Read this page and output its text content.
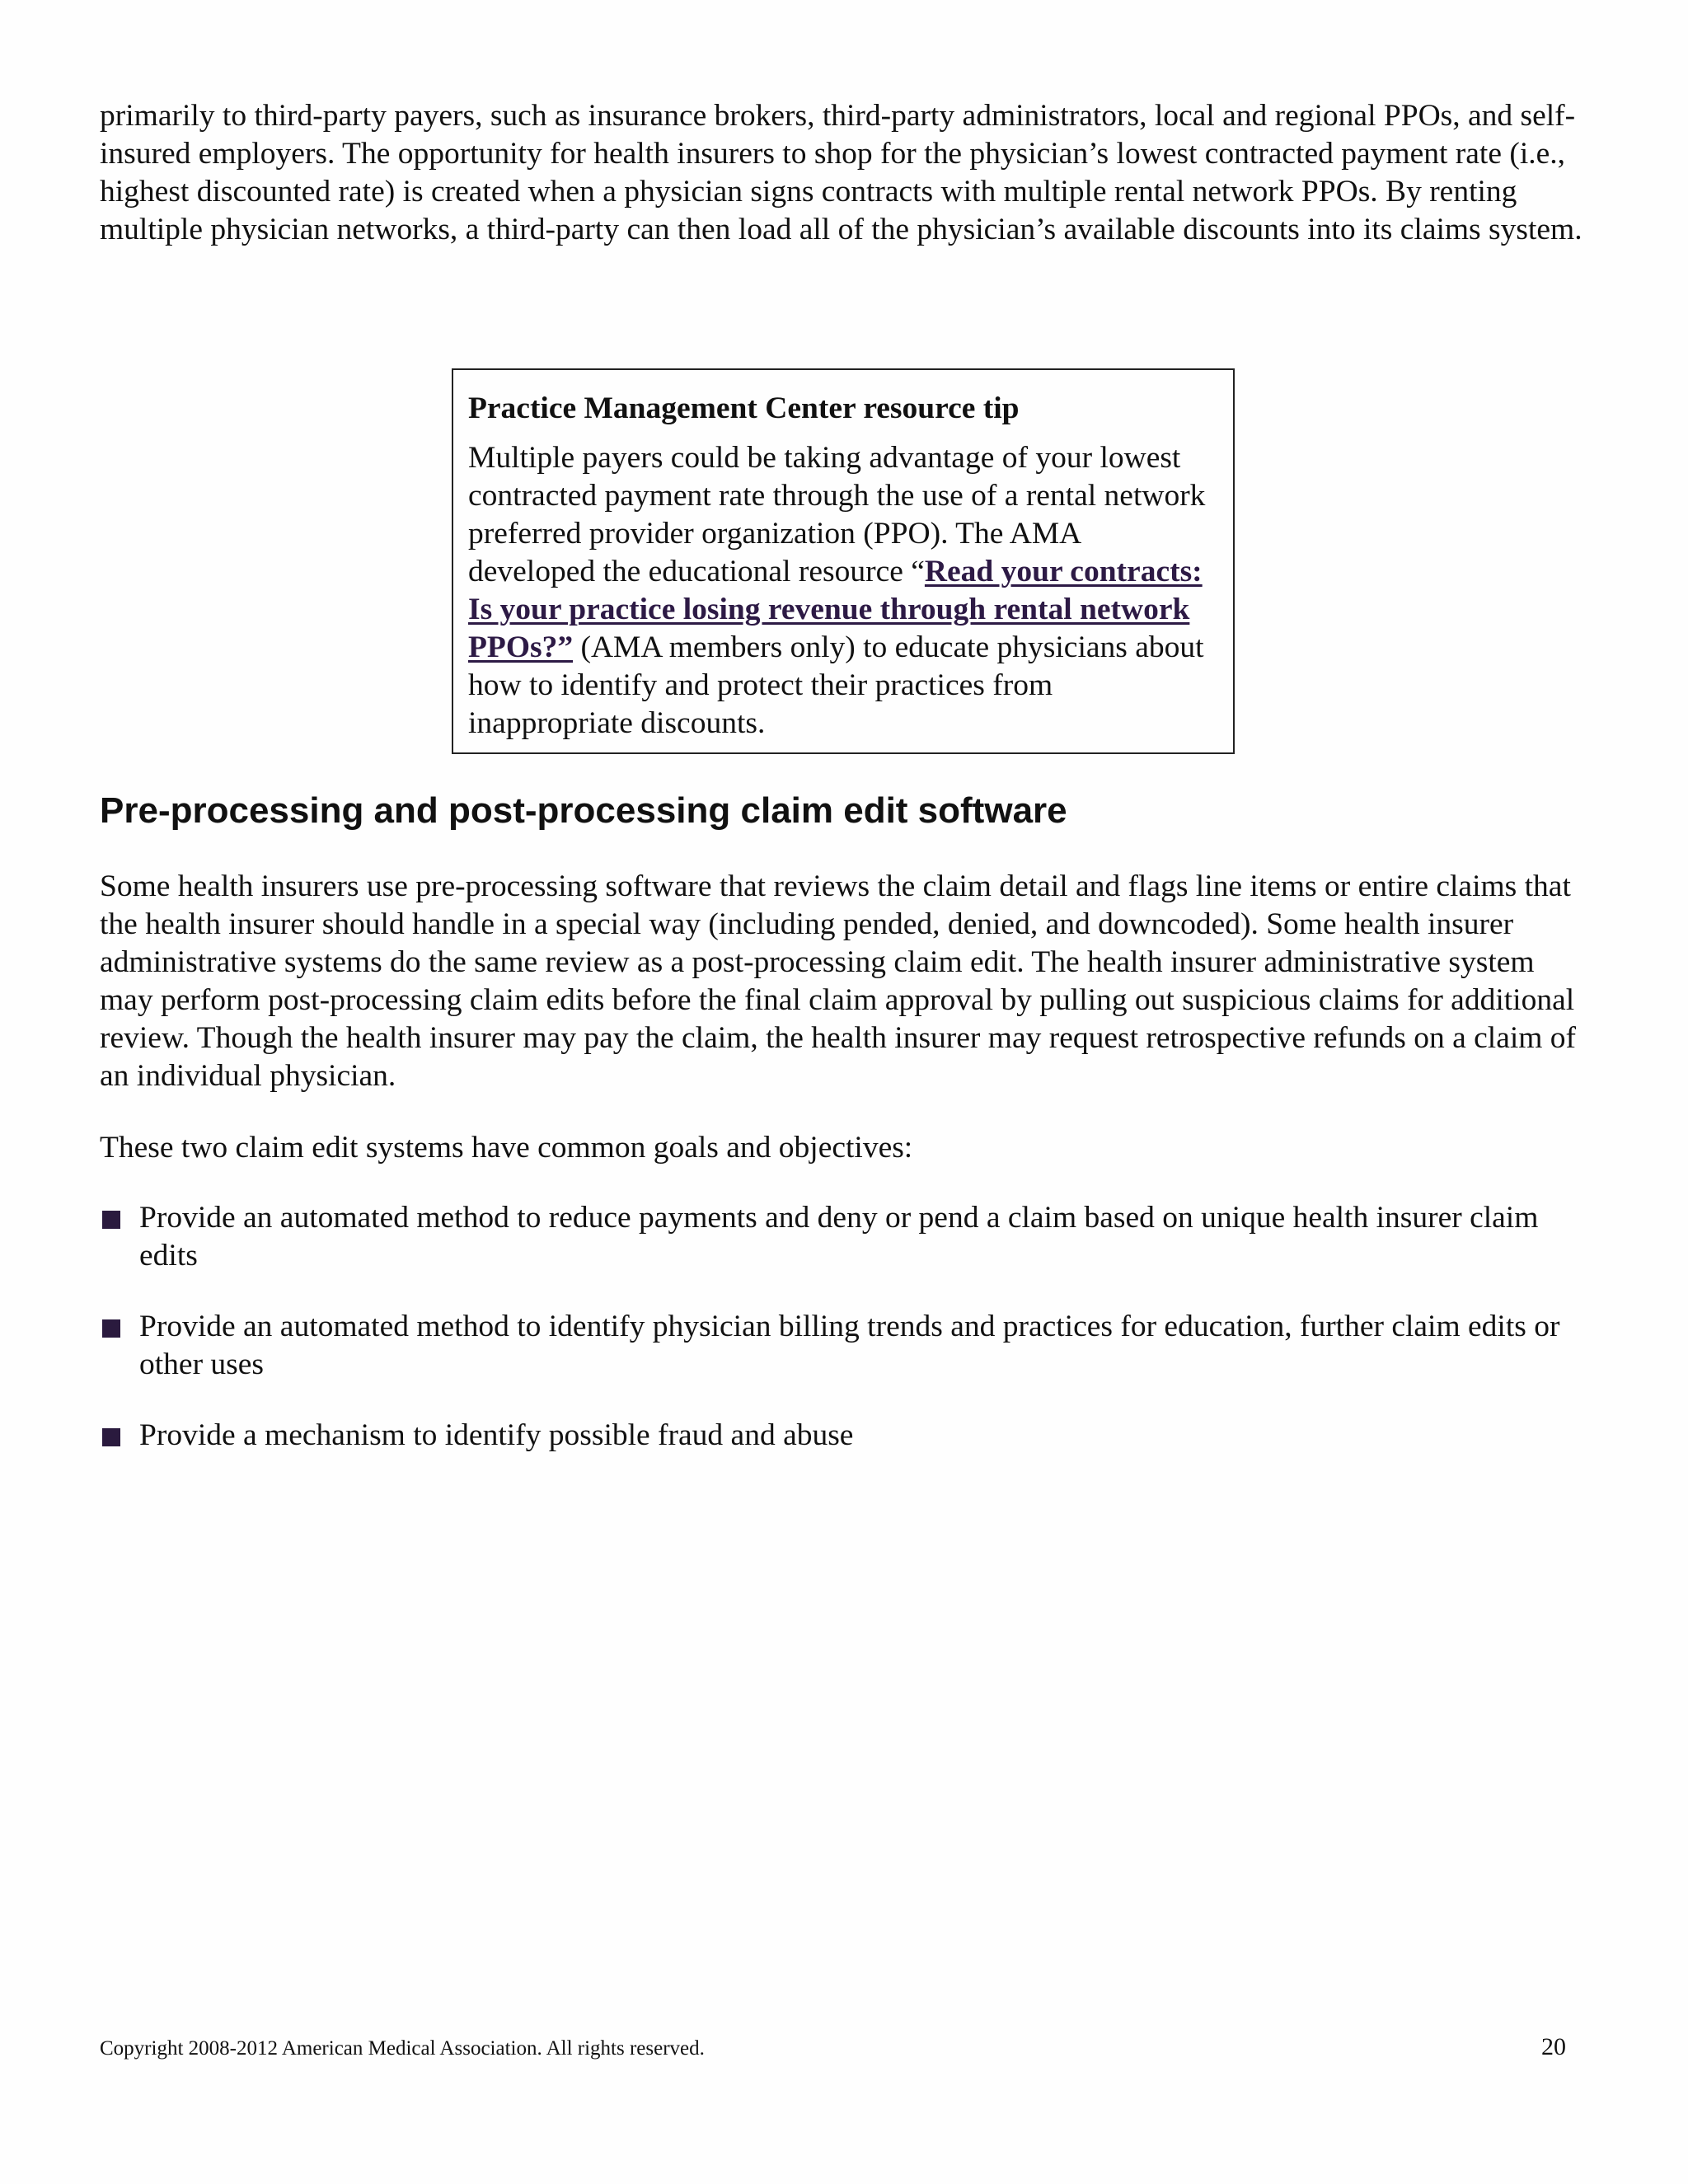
primarily to third-party payers, such as insurance brokers, third-party administrators, local and regional PPOs, and self-insured employers. The opportunity for health insurers to shop for the physician’s lowest contracted payment rate (i.e., highest discounted rate) is created when a physician signs contracts with multiple rental network PPOs. By renting multiple physician networks, a third-party can then load all of the physician’s available discounts into its claims system.

Practice Management Center resource tip

Multiple payers could be taking advantage of your lowest contracted payment rate through the use of a rental network preferred provider organization (PPO). The AMA developed the educational resource “Read your contracts: Is your practice losing revenue through rental network PPOs?” (AMA members only) to educate physicians about how to identify and protect their practices from inappropriate discounts.

Pre-processing and post-processing claim edit software

Some health insurers use pre-processing software that reviews the claim detail and flags line items or entire claims that the health insurer should handle in a special way (including pended, denied, and downcoded). Some health insurer administrative systems do the same review as a post-processing claim edit. The health insurer administrative system may perform post-processing claim edits before the final claim approval by pulling out suspicious claims for additional review. Though the health insurer may pay the claim, the health insurer may request retrospective refunds on a claim of an individual physician.

These two claim edit systems have common goals and objectives:

Provide an automated method to reduce payments and deny or pend a claim based on unique health insurer claim edits
Provide an automated method to identify physician billing trends and practices for education, further claim edits or other uses
Provide a mechanism to identify possible fraud and abuse
Copyright 2008-2012 American Medical Association. All rights reserved.	20
